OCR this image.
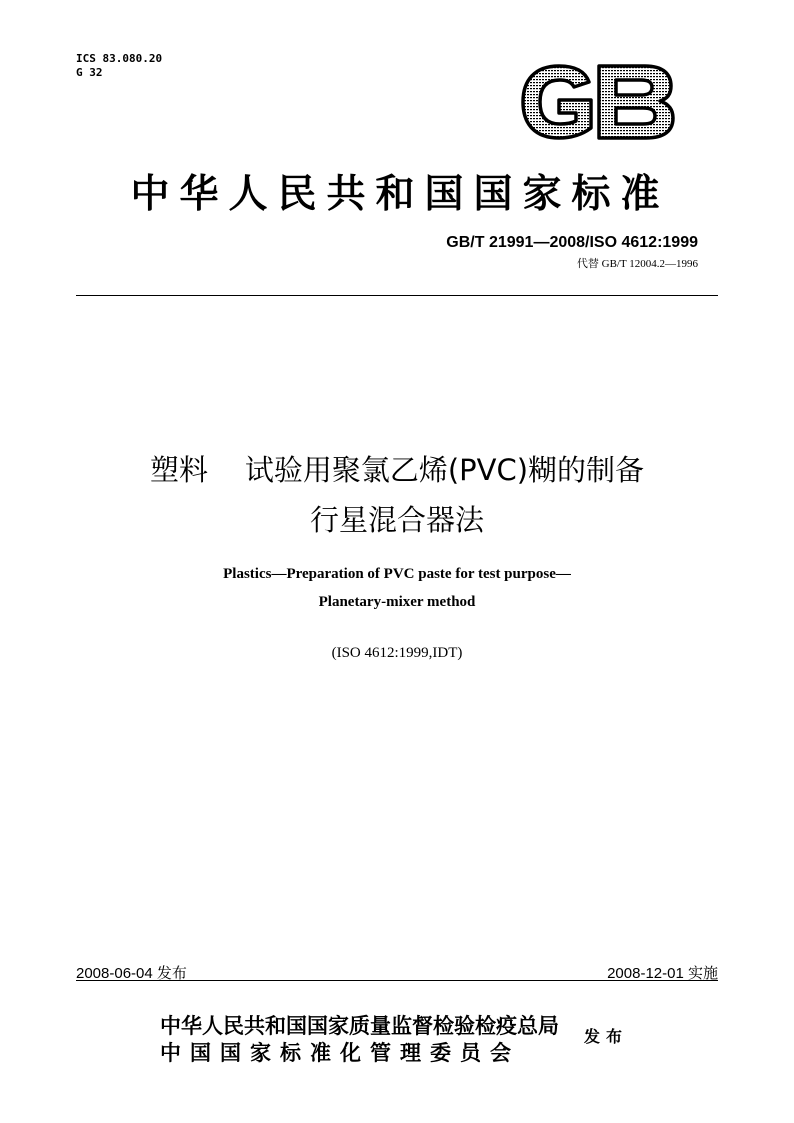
ICS 83.080.20
G 32
中华人民共和国国家标准
GB/T 21991—2008/ISO 4612:1999
代替 GB/T 12004.2—1996
塑料    试验用聚氯乙烯(PVC)糊的制备
行星混合器法
Plastics—Preparation of PVC paste for test purpose—
Planetary-mixer method
(ISO 4612:1999,IDT)
2008-06-04 发布	2008-12-01 实施
中华人民共和国国家质量监督检验检疫总局
中国国家标准化管理委员会
发布
